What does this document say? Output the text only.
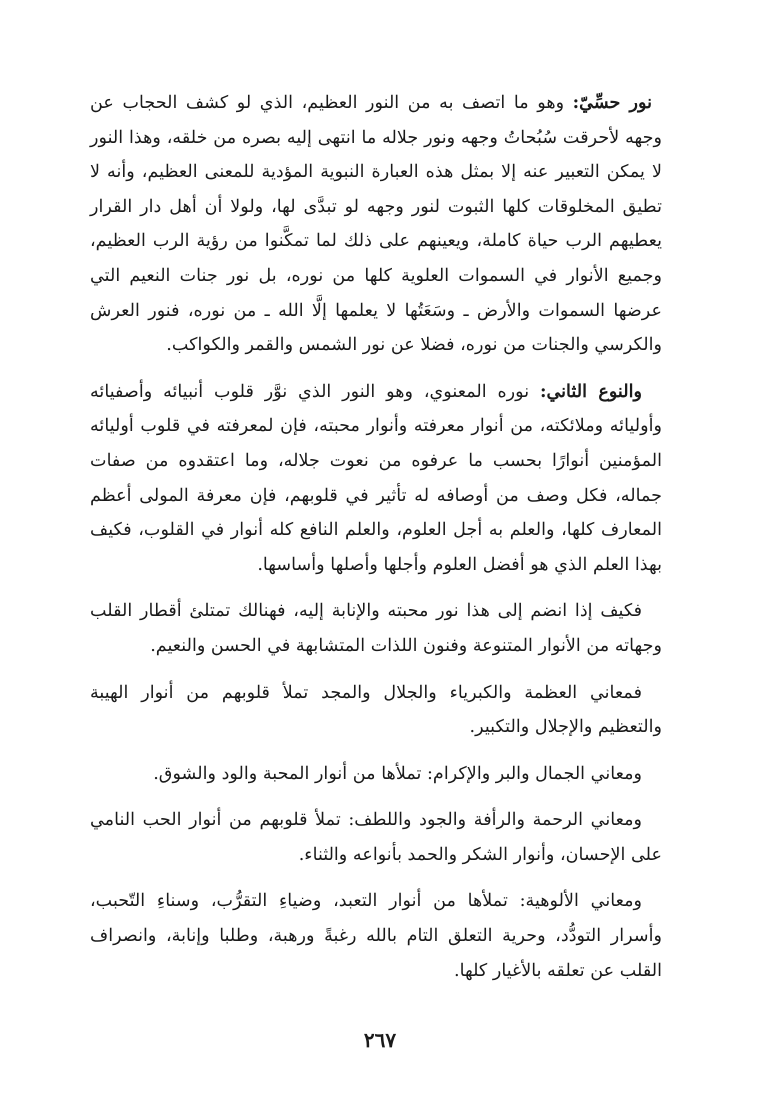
نور حسِّيّ: وهو ما اتصف به من النور العظيم، الذي لو كشف الحجاب عن وجهه لأحرقت سُبُحاتُ وجهه ونور جلاله ما انتهى إليه بصره من خلقه، وهذا النور لا يمكن التعبير عنه إلا بمثل هذه العبارة النبوية المؤدية للمعنى العظيم، وأنه لا تطيق المخلوقات كلها الثبوت لنور وجهه لو تبدَّى لها، ولولا أن أهل دار القرار يعطيهم الرب حياة كاملة، ويعينهم على ذلك لما تمكَّنوا من رؤية الرب العظيم، وجميع الأنوار في السموات العلوية كلها من نوره، بل نور جنات النعيم التي عرضها السموات والأرض ـ وسَعَتُها لا يعلمها إلَّا الله ـ من نوره، فنور العرش والكرسي والجنات من نوره، فضلا عن نور الشمس والقمر والكواكب.

والنوع الثاني: نوره المعنوي، وهو النور الذي نوَّر قلوب أنبيائه وأصفيائه وأوليائه وملائكته، من أنوار معرفته وأنوار محبته، فإن لمعرفته في قلوب أوليائه المؤمنين أنوارًا بحسب ما عرفوه من نعوت جلاله، وما اعتقدوه من صفات جماله، فكل وصف من أوصافه له تأثير في قلوبهم، فإن معرفة المولى أعظم المعارف كلها، والعلم به أجل العلوم، والعلم النافع كله أنوار في القلوب، فكيف بهذا العلم الذي هو أفضل العلوم وأجلها وأصلها وأساسها.

فكيف إذا انضم إلى هذا نور محبته والإنابة إليه، فهنالك تمتلئ أقطار القلب وجهاته من الأنوار المتنوعة وفنون اللذات المتشابهة في الحسن والنعيم.

فمعاني العظمة والكبرياء والجلال والمجد تملأ قلوبهم من أنوار الهيبة والتعظيم والإجلال والتكبير.

ومعاني الجمال والبر والإكرام: تملأها من أنوار المحبة والود والشوق.

ومعاني الرحمة والرأفة والجود واللطف: تملأ قلوبهم من أنوار الحب النامي على الإحسان، وأنوار الشكر والحمد بأنواعه والثناء.

ومعاني الألوهية: تملأها من أنوار التعبد، وضياءِ التقرُّب، وسناءِ التّحبب، وأسرار التودُّد، وحرية التعلق التام بالله رغبةً ورهبة، وطلبا وإنابة، وانصراف القلب عن تعلقه بالأغيار كلها.

٢٦٧
